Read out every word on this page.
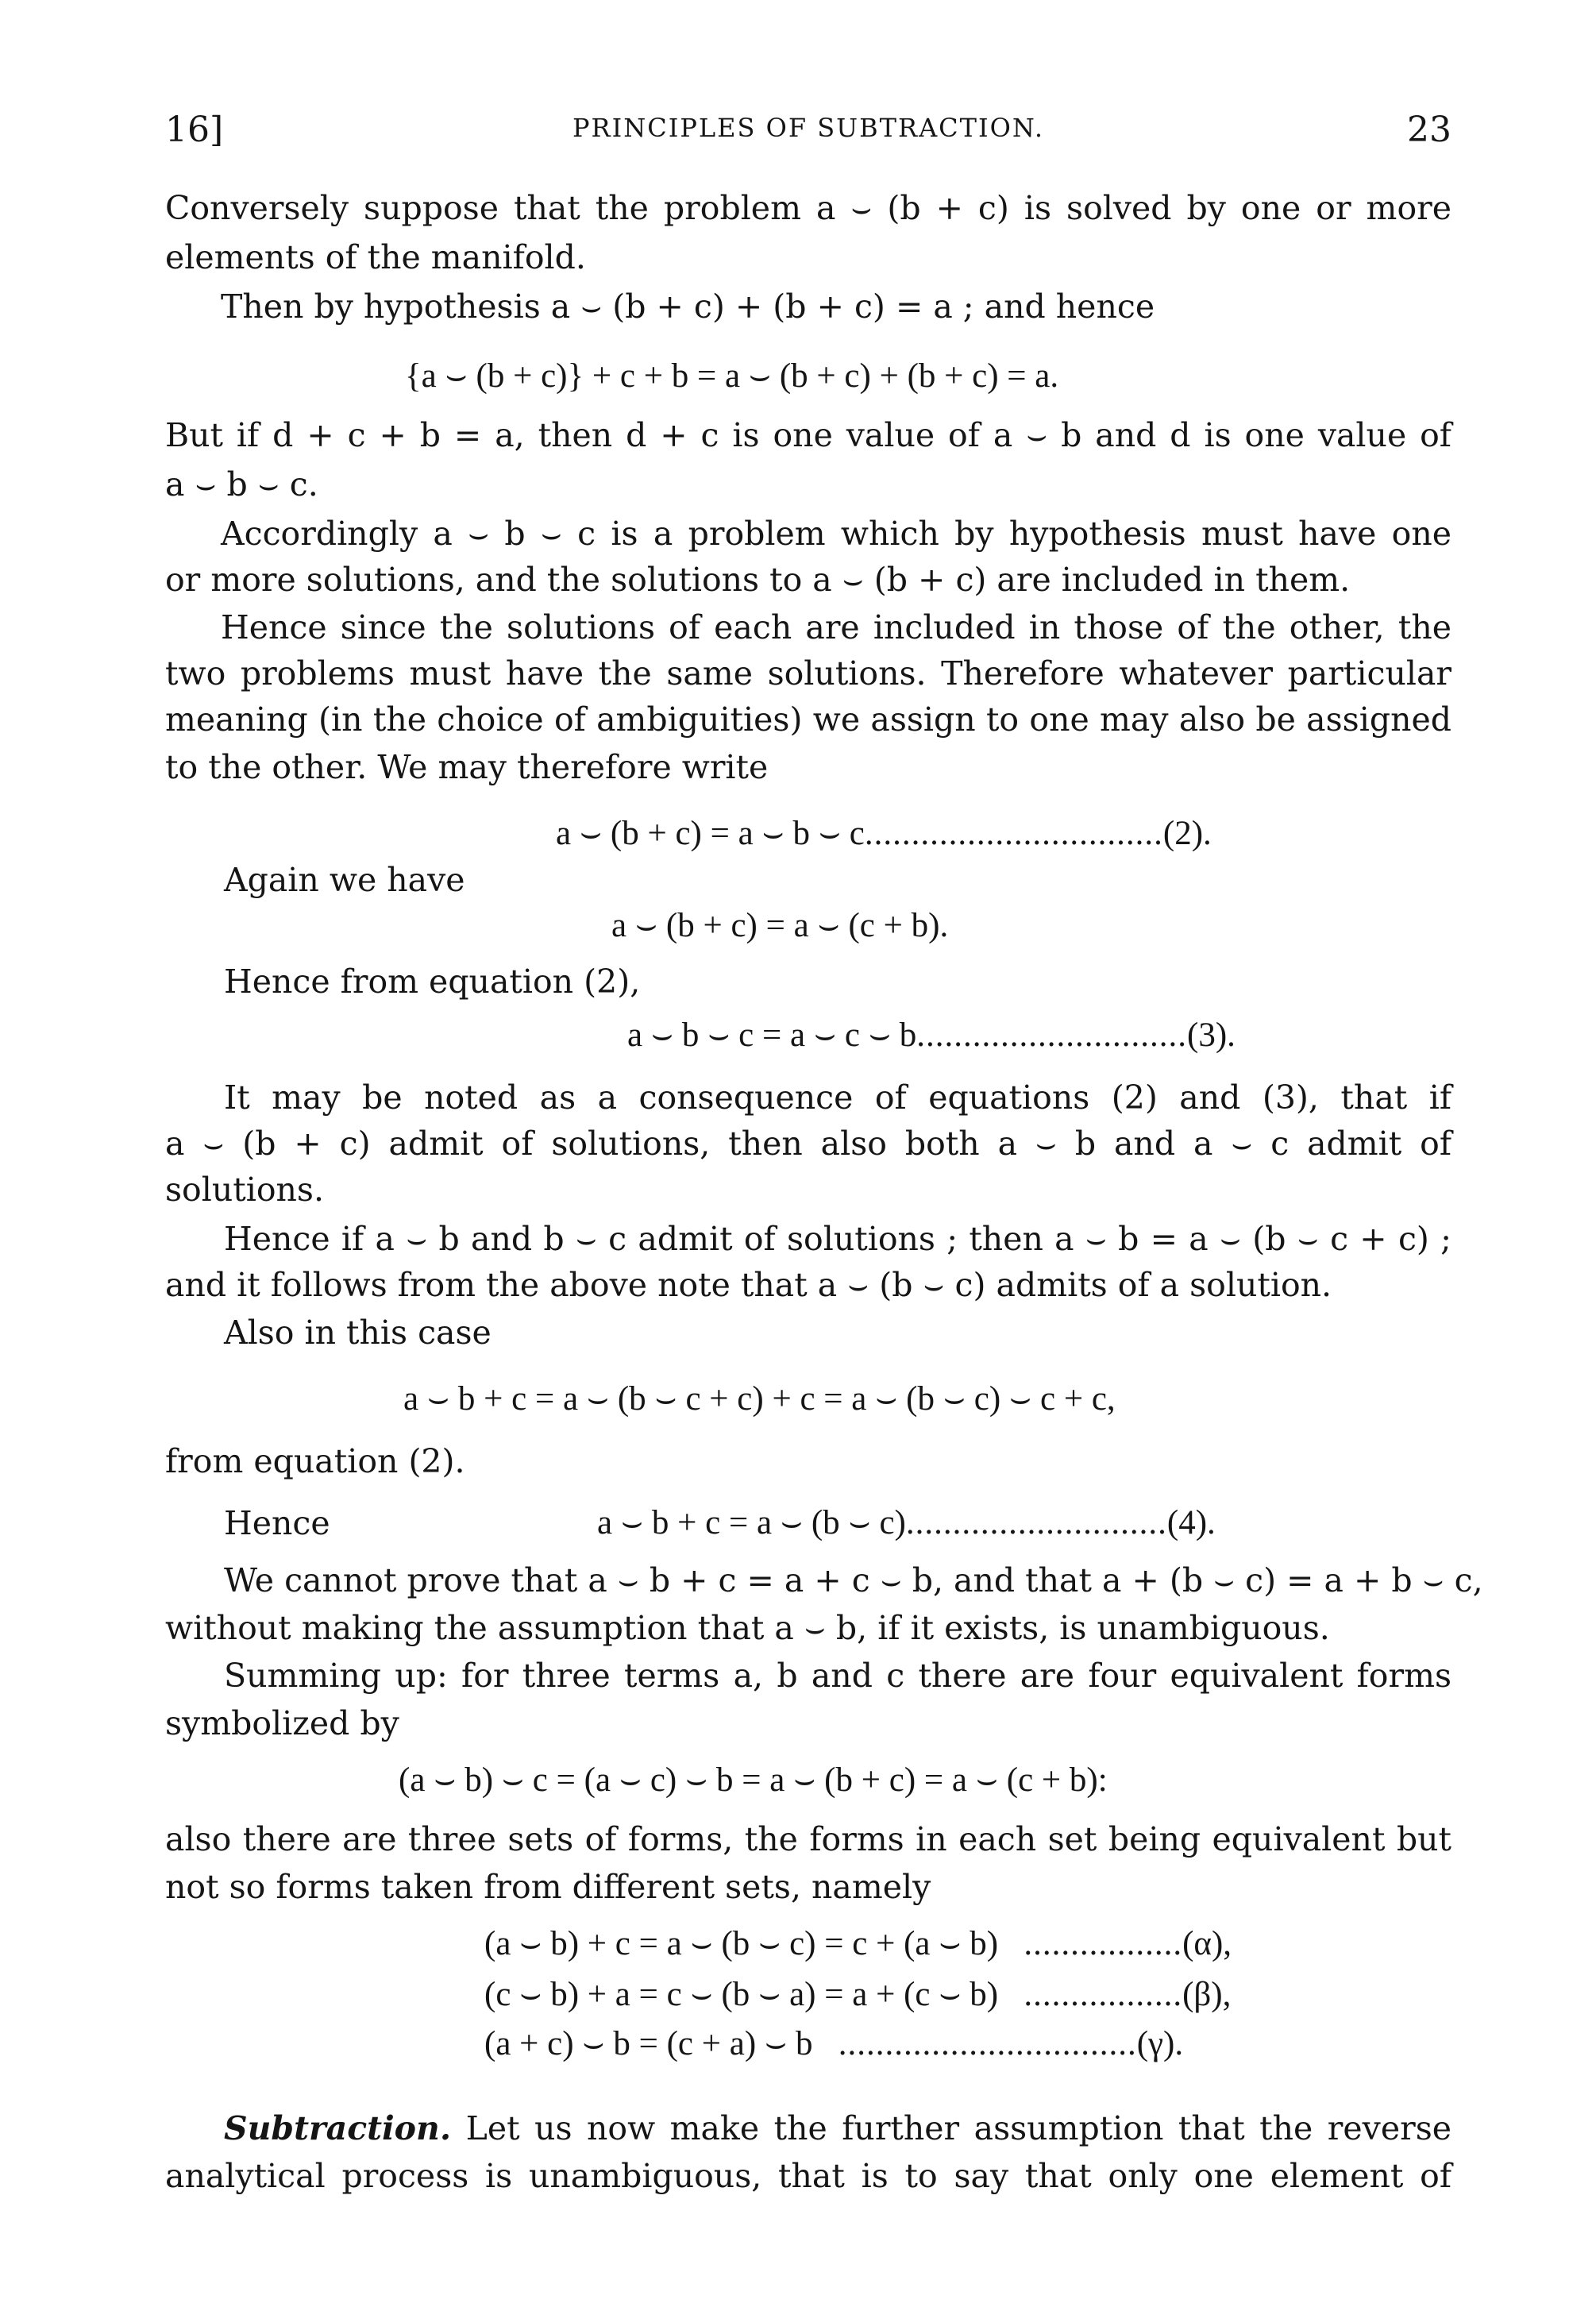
16]	PRINCIPLES OF SUBTRACTION.	23
Conversely suppose that the problem a ⌣ (b + c) is solved by one or more
elements of the manifold.
Then by hypothesis a ⌣ (b + c) + (b + c) = a ; and hence
{a ⌣ (b + c)} + c + b = a ⌣ (b + c) + (b + c) = a.
But if d + c + b = a, then d + c is one value of a ⌣ b and d is one value of
a ⌣ b ⌣ c.
Accordingly a ⌣ b ⌣ c is a problem which by hypothesis must have one
or more solutions, and the solutions to a ⌣ (b + c) are included in them.
Hence since the solutions of each are included in those of the other, the
two problems must have the same solutions. Therefore whatever particular
meaning (in the choice of ambiguities) we assign to one may also be assigned
to the other. We may therefore write
a ⌣ (b + c) = a ⌣ b ⌣ c................................(2).
Again we have
a ⌣ (b + c) = a ⌣ (c + b).
Hence from equation (2),
a ⌣ b ⌣ c = a ⌣ c ⌣ b.............................(3).
It may be noted as a consequence of equations (2) and (3), that if
a ⌣ (b + c) admit of solutions, then also both a ⌣ b and a ⌣ c admit of
solutions.
Hence if a ⌣ b and b ⌣ c admit of solutions ; then a ⌣ b = a ⌣ (b ⌣ c + c) ;
and it follows from the above note that a ⌣ (b ⌣ c) admits of a solution.
Also in this case
a ⌣ b + c = a ⌣ (b ⌣ c + c) + c = a ⌣ (b ⌣ c) ⌣ c + c,
from equation (2).
Hence	a ⌣ b + c = a ⌣ (b ⌣ c)............................(4).
We cannot prove that a ⌣ b + c = a + c ⌣ b, and that a + (b ⌣ c) = a + b ⌣ c,
without making the assumption that a ⌣ b, if it exists, is unambiguous.
Summing up: for three terms a, b and c there are four equivalent forms
symbolized by
(a ⌣ b) ⌣ c = (a ⌣ c) ⌣ b = a ⌣ (b + c) = a ⌣ (c + b):
also there are three sets of forms, the forms in each set being equivalent but
not so forms taken from different sets, namely
(a ⌣ b) + c = a ⌣ (b ⌣ c) = c + (a ⌣ b) .................(α),
(c ⌣ b) + a = c ⌣ (b ⌣ a) = a + (c ⌣ b) .................(β),
(a + c) ⌣ b = (c + a) ⌣ b ................................(γ).
Subtraction. Let us now make the further assumption that the reverse
analytical process is unambiguous, that is to say that only one element of
